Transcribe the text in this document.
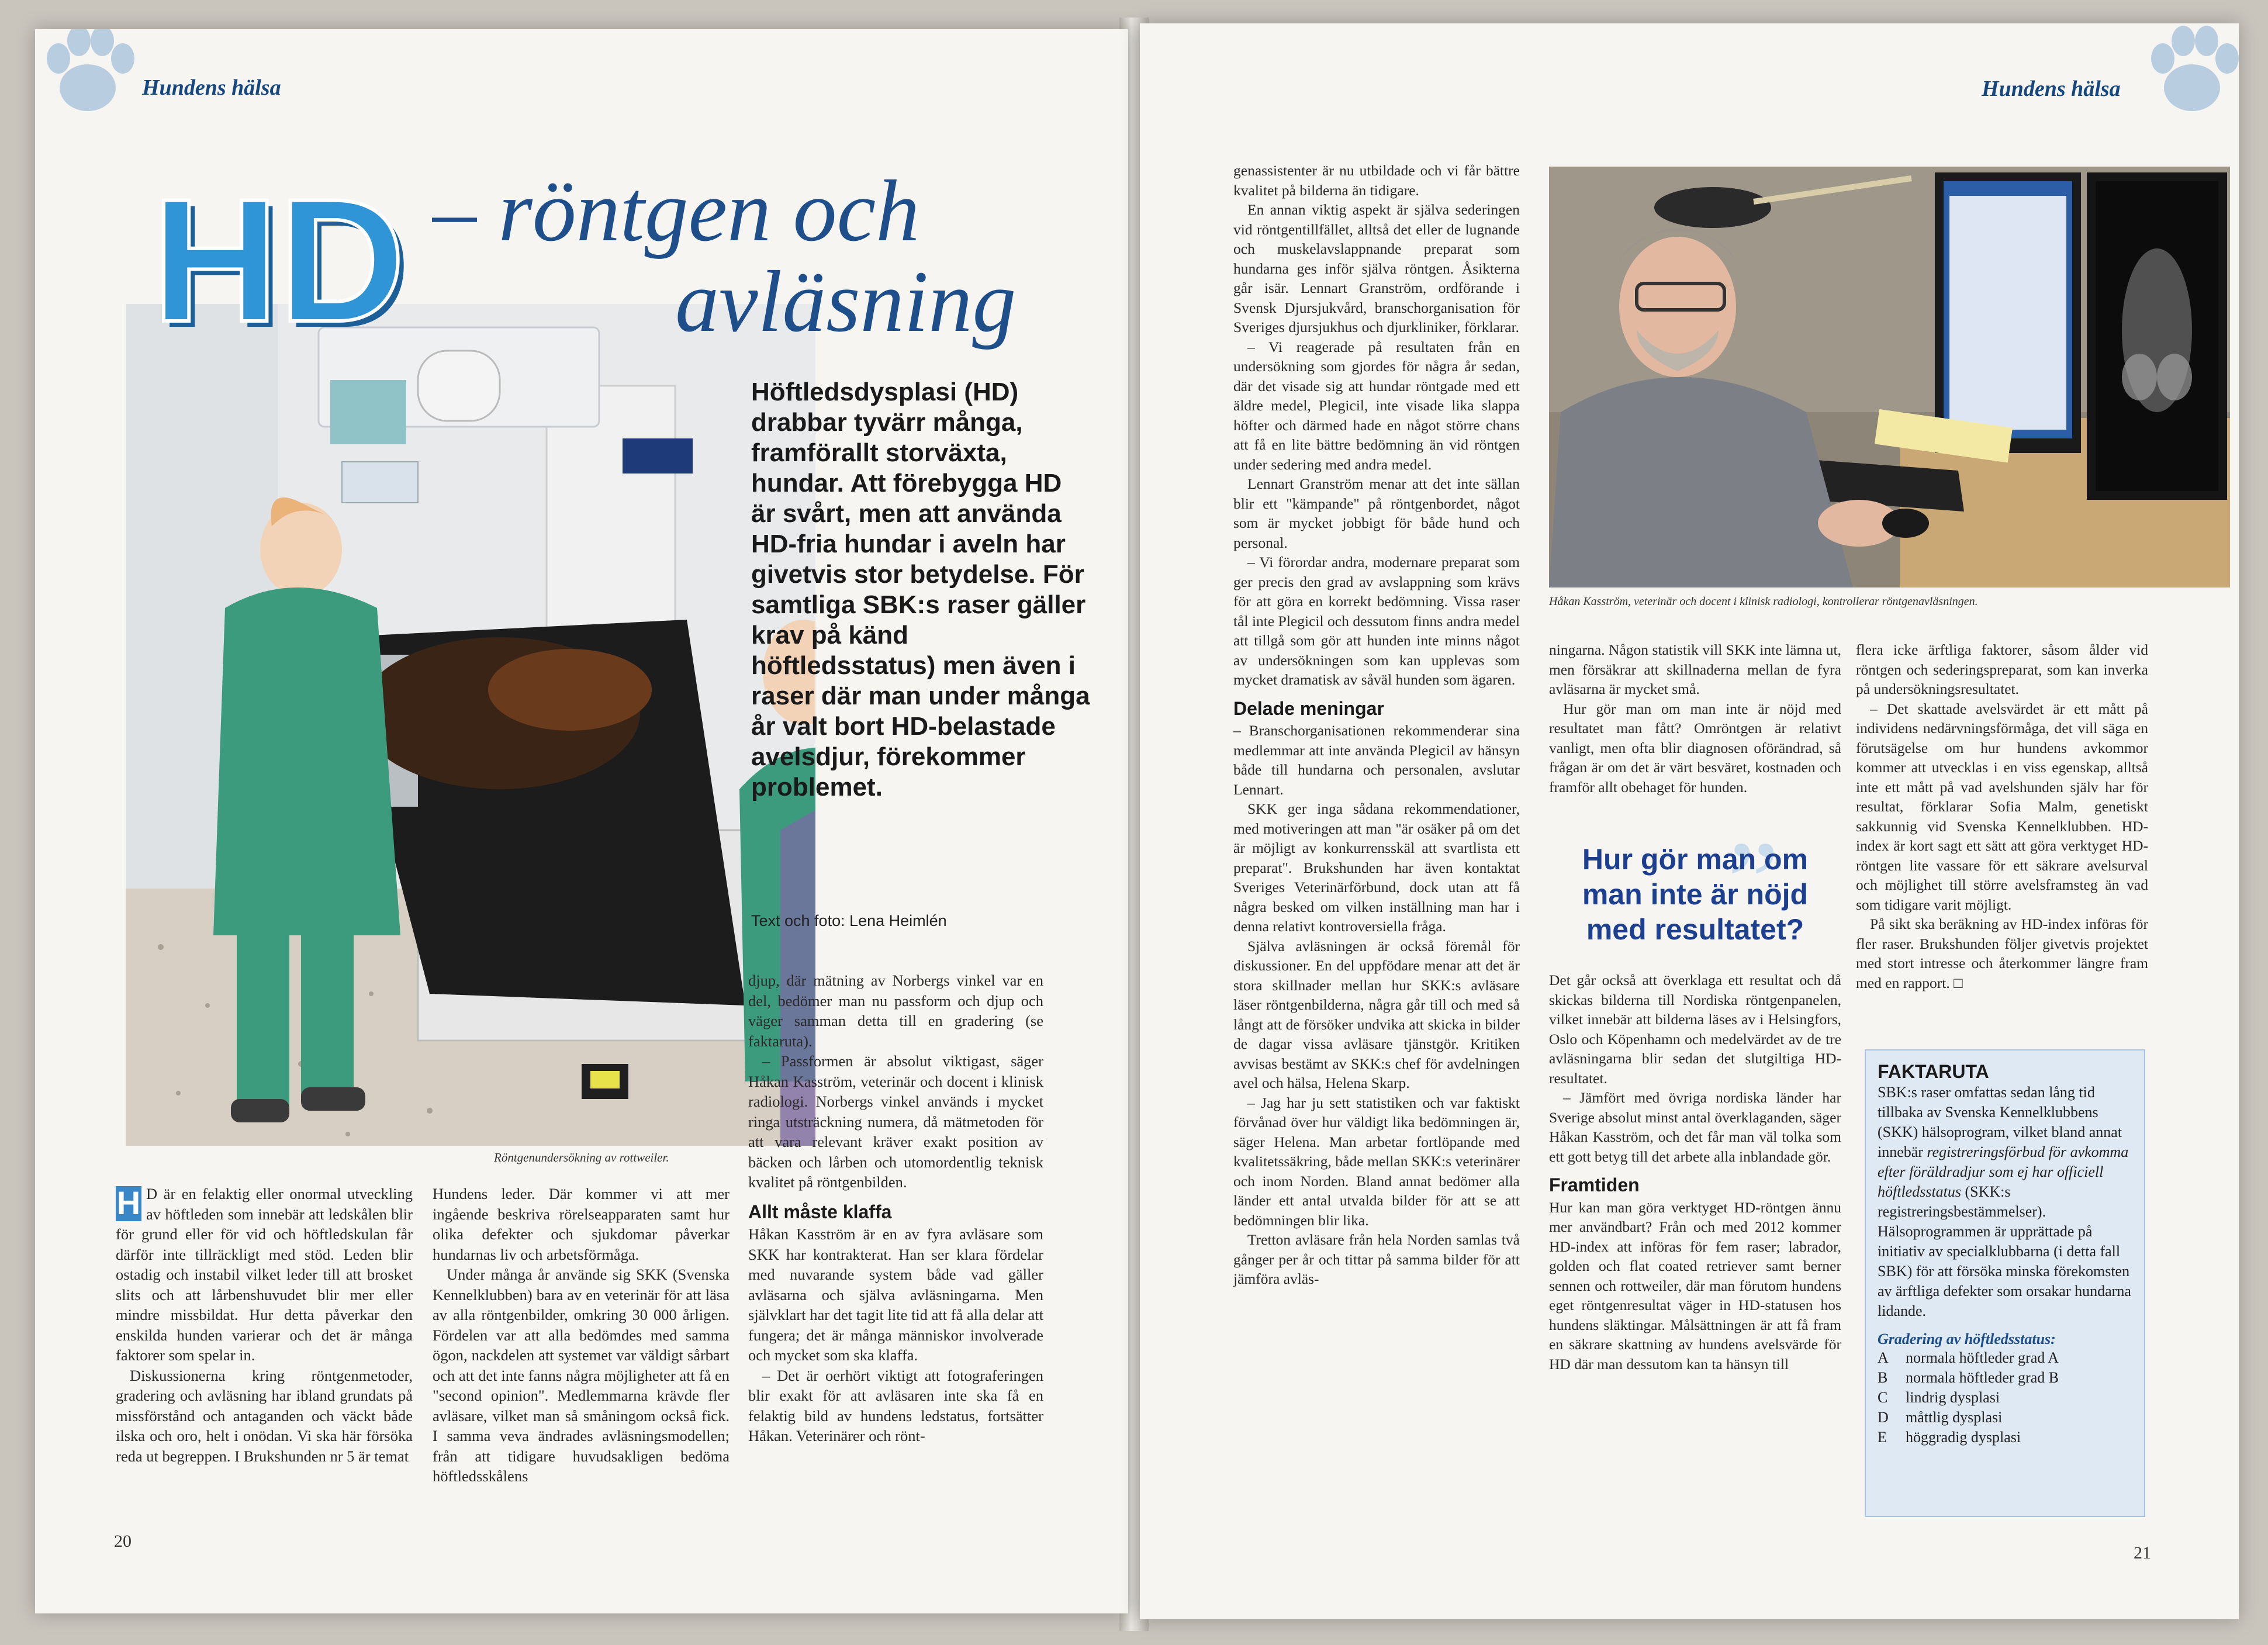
Hundens hälsa
Röntgenundersökning av rottweiler.
HD – röntgen och
avläsning
Höftledsdysplasi (HD) drabbar tyvärr många, framförallt storväxta, hundar. Att förebygga HD är svårt, men att använda HD-fria hundar i aveln har givetvis stor betydelse. För samtliga SBK:s raser gäller krav på känd höftledsstatus) men även i raser där man under många år valt bort HD-belastade avelsdjur, förekommer problemet.
Text och foto: Lena Heimlén

H D är en felaktig eller onormal utveckling av höftleden som innebär att ledskålen blir för grund eller för vid och höftledskulan får därför inte tillräckligt med stöd. Leden blir ostadig och instabil vilket leder till att brosket slits och att lårbenshuvudet blir mer eller mindre missbildat. Hur detta påverkar den enskilda hunden varierar och det är många faktorer som spelar in.

Diskussionerna kring röntgenmetoder, gradering och avläsning har ibland grundats på missförstånd och antaganden och väckt både ilska och oro, helt i onödan. Vi ska här försöka reda ut begreppen. I Brukshunden nr 5 är temat

Hundens leder. Där kommer vi att mer ingående beskriva rörelseapparaten samt hur olika defekter och sjukdomar påverkar hundarnas liv och arbetsförmåga.

Under många år använde sig SKK (Svenska Kennelklubben) bara av en veterinär för att läsa av alla röntgenbilder, omkring 30 000 årligen. Fördelen var att alla bedömdes med samma ögon, nackdelen att systemet var väldigt sårbart och att det inte fanns några möjligheter att få en "second opinion". Medlemmarna krävde fler avläsare, vilket man så småningom också fick. I samma veva ändrades avläsningsmodellen; från att tidigare huvudsakligen bedöma höftledsskålens

djup, där mätning av Norbergs vinkel var en del, bedömer man nu passform och djup och väger samman detta till en gradering (se faktaruta).

– Passformen är absolut viktigast, säger Håkan Kasström, veterinär och docent i klinisk radiologi. Norbergs vinkel används i mycket ringa utsträckning numera, då mätmetoden för att vara relevant kräver exakt position av bäcken och lårben och utomordentlig teknisk kvalitet på röntgenbilden.

Allt måste klaffa

Håkan Kasström är en av fyra avläsare som SKK har kontrakterat. Han ser klara fördelar med nuvarande system både vad gäller avläsarna och själva avläsningarna. Men självklart har det tagit lite tid att få alla delar att fungera; det är många människor involverade och mycket som ska klaffa.

– Det är oerhört viktigt att fotograferingen blir exakt för att avläsaren inte ska få en felaktig bild av hundens ledstatus, fortsätter Håkan. Veterinärer och rönt-

20
Hundens hälsa
Håkan Kasström, veterinär och docent i klinisk radiologi, kontrollerar röntgenavläsningen.

genassistenter är nu utbildade och vi får bättre kvalitet på bilderna än tidigare.

En annan viktig aspekt är själva sederingen vid röntgentillfället, alltså det eller de lugnande och muskelavslappnande preparat som hundarna ges inför själva röntgen. Åsikterna går isär. Lennart Granström, ordförande i Svensk Djursjukvård, branschorganisation för Sveriges djursjukhus och djurkliniker, förklarar.

– Vi reagerade på resultaten från en undersökning som gjordes för några år sedan, där det visade sig att hundar röntgade med ett äldre medel, Plegicil, inte visade lika slappa höfter och därmed hade en något större chans att få en lite bättre bedömning än vid röntgen under sedering med andra medel.

Lennart Granström menar att det inte sällan blir ett "kämpande" på röntgenbordet, något som är mycket jobbigt för både hund och personal.

– Vi förordar andra, modernare preparat som ger precis den grad av avslappning som krävs för att göra en korrekt bedömning. Vissa raser tål inte Plegicil och dessutom finns andra medel att tillgå som gör att hunden inte minns något av undersökningen som kan upplevas som mycket dramatisk av såväl hunden som ägaren.

Delade meningar

– Branschorganisationen rekommenderar sina medlemmar att inte använda Plegicil av hänsyn både till hundarna och personalen, avslutar Lennart.

SKK ger inga sådana rekommendationer, med motiveringen att man "är osäker på om det är möjligt av konkurrensskäl att svartlista ett preparat". Brukshunden har även kontaktat Sveriges Veterinärförbund, dock utan att få några besked om vilken inställning man har i denna relativt kontroversiella fråga.

Själva avläsningen är också föremål för diskussioner. En del uppfödare menar att det är stora skillnader mellan hur SKK:s avläsare läser röntgenbilderna, några går till och med så långt att de försöker undvika att skicka in bilder de dagar vissa avläsare tjänstgör. Kritiken avvisas bestämt av SKK:s chef för avdelningen avel och hälsa, Helena Skarp.

– Jag har ju sett statistiken och var faktiskt förvånad över hur väldigt lika bedömningen är, säger Helena. Man arbetar fortlöpande med kvalitetssäkring, både mellan SKK:s veterinärer och inom Norden. Bland annat bedömer alla länder ett antal utvalda bilder för att se att bedömningen blir lika.

Tretton avläsare från hela Norden samlas två gånger per år och tittar på samma bilder för att jämföra avläs-

ningarna. Någon statistik vill SKK inte lämna ut, men försäkrar att skillnaderna mellan de fyra avläsarna är mycket små.

Hur gör man om man inte är nöjd med resultatet man fått? Omröntgen är relativt vanligt, men ofta blir diagnosen oförändrad, så frågan är om det är värt besväret, kostnaden och framför allt obehaget för hunden.

”
Hur gör man om man inte är nöjd med resultatet?

Det går också att överklaga ett resultat och då skickas bilderna till Nordiska röntgenpanelen, vilket innebär att bilderna läses av i Helsingfors, Oslo och Köpenhamn och medelvärdet av de tre avläsningarna blir sedan det slutgiltiga HD-resultatet.

– Jämfört med övriga nordiska länder har Sverige absolut minst antal överklaganden, säger Håkan Kasström, och det får man väl tolka som ett gott betyg till det arbete alla inblandade gör.

Framtiden

Hur kan man göra verktyget HD-röntgen ännu mer användbart? Från och med 2012 kommer HD-index att införas för fem raser; labrador, golden och flat coated retriever samt berner sennen och rottweiler, där man förutom hundens eget röntgenresultat väger in HD-statusen hos hundens släktingar. Målsättningen är att få fram en säkrare skattning av hundens avelsvärde för HD där man dessutom kan ta hänsyn till

flera icke ärftliga faktorer, såsom ålder vid röntgen och sederingspreparat, som kan inverka på undersökningsresultatet.

– Det skattade avelsvärdet är ett mått på individens nedärvningsförmåga, det vill säga en förutsägelse om hur hundens avkommor kommer att utvecklas i en viss egenskap, alltså inte ett mått på vad avelshunden själv har för resultat, förklarar Sofia Malm, genetiskt sakkunnig vid Svenska Kennelklubben. HD-index är kort sagt ett sätt att göra verktyget HD-röntgen lite vassare för ett säkrare avelsurval och möjlighet till större avelsframsteg än vad som tidigare varit möjligt.

På sikt ska beräkning av HD-index införas för fler raser. Brukshunden följer givetvis projektet med stort intresse och återkommer längre fram med en rapport. □

FAKTARUTA
SBK:s raser omfattas sedan lång tid tillbaka av Svenska Kennelklubbens (SKK) hälsoprogram, vilket bland annat innebär registreringsförbud för avkomma efter föräldradjur som ej har officiell höftledsstatus (SKK:s registreringsbestämmelser). Hälsoprogrammen är upprättade på initiativ av specialklubbarna (i detta fall SBK) för att försöka minska förekomsten av ärftliga defekter som orsakar hundarna lidande.
Gradering av höftledsstatus:
A	normala höftleder grad A
B	normala höftleder grad B
C	lindrig dysplasi
D	måttlig dysplasi
E	höggradig dysplasi
21
